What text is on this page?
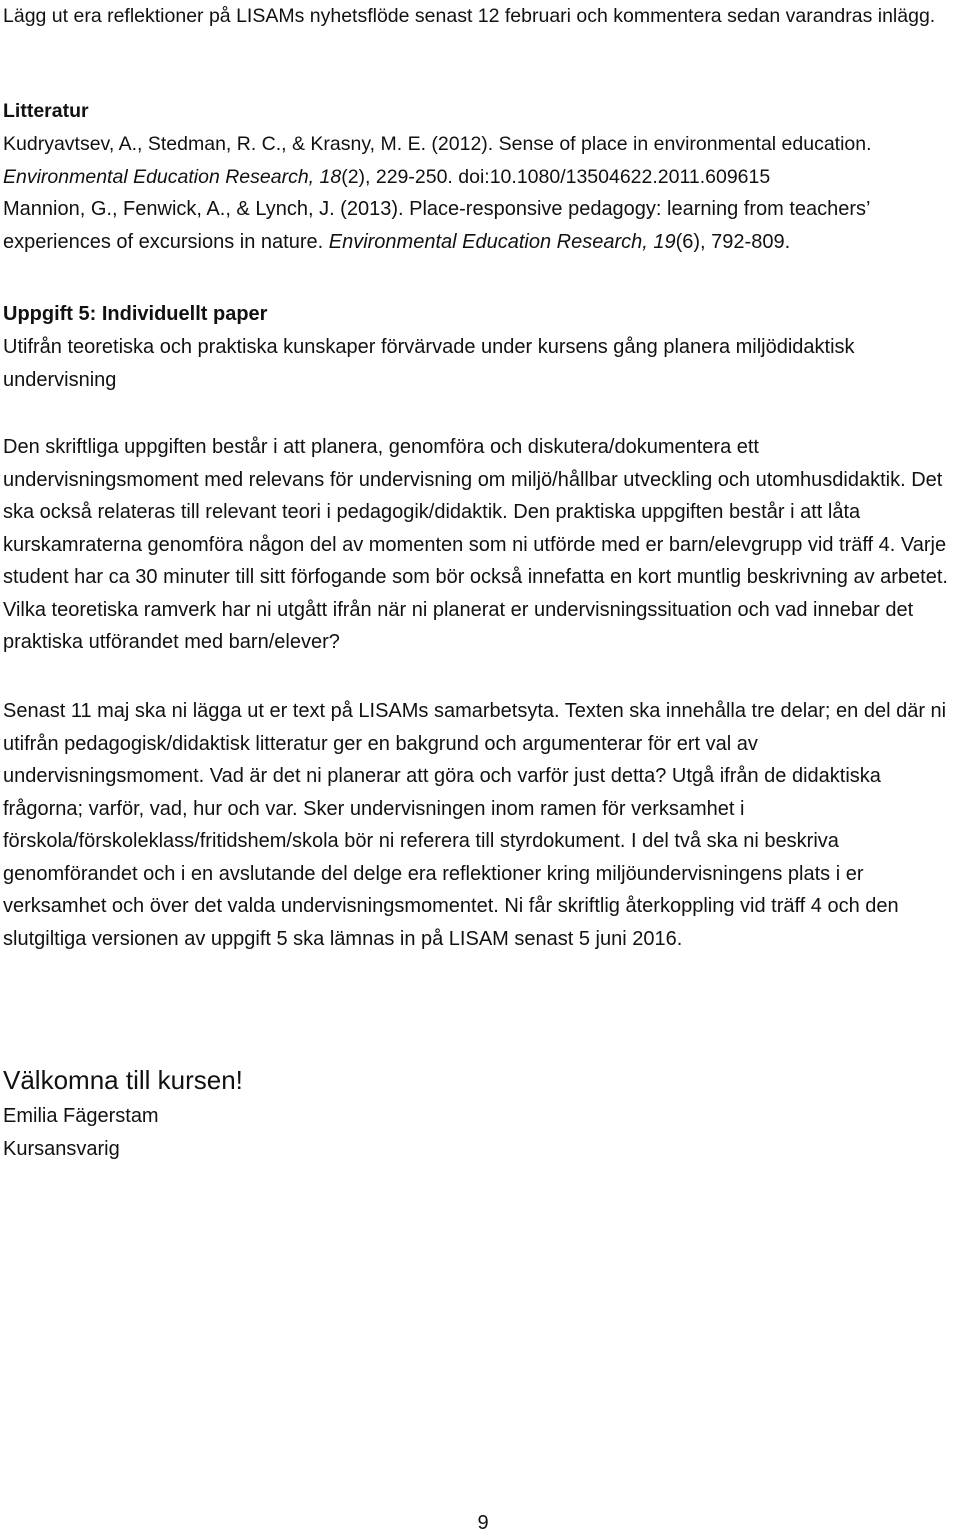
Lägg ut era reflektioner på LISAMs nyhetsflöde senast 12 februari och kommentera sedan varandras inlägg.

Litteratur

Kudryavtsev, A., Stedman, R. C., & Krasny, M. E. (2012). Sense of place in environmental education. Environmental Education Research, 18(2), 229-250. doi:10.1080/13504622.2011.609615

Mannion, G., Fenwick, A., & Lynch, J. (2013). Place-responsive pedagogy: learning from teachers’ experiences of excursions in nature. Environmental Education Research, 19(6), 792-809.

Uppgift 5: Individuellt paper

Utifrån teoretiska och praktiska kunskaper förvärvade under kursens gång planera miljödidaktisk undervisning

Den skriftliga uppgiften består i att planera, genomföra och diskutera/dokumentera ett undervisningsmoment med relevans för undervisning om miljö/hållbar utveckling och utomhusdidaktik. Det ska också relateras till relevant teori i pedagogik/didaktik. Den praktiska uppgiften består i att låta kurskamraterna genomföra någon del av momenten som ni utförde med er barn/elevgrupp vid träff 4. Varje student har ca 30 minuter till sitt förfogande som bör också innefatta en kort muntlig beskrivning av arbetet. Vilka teoretiska ramverk har ni utgått ifrån när ni planerat er undervisningssituation och vad innebar det praktiska utförandet med barn/elever?

Senast 11 maj ska ni lägga ut er text på LISAMs samarbetsyta. Texten ska innehålla tre delar; en del där ni utifrån pedagogisk/didaktisk litteratur ger en bakgrund och argumenterar för ert val av undervisningsmoment. Vad är det ni planerar att göra och varför just detta? Utgå ifrån de didaktiska frågorna; varför, vad, hur och var. Sker undervisningen inom ramen för verksamhet i förskola/förskoleklass/fritidshem/skola bör ni referera till styrdokument. I del två ska ni beskriva genomförandet och i en avslutande del delge era reflektioner kring miljöundervisningens plats i er verksamhet och över det valda undervisningsmomentet. Ni får skriftlig återkoppling vid träff 4 och den slutgiltiga versionen av uppgift 5 ska lämnas in på LISAM senast 5 juni 2016.

Välkomna till kursen!

Emilia Fägerstam

Kursansvarig

9
